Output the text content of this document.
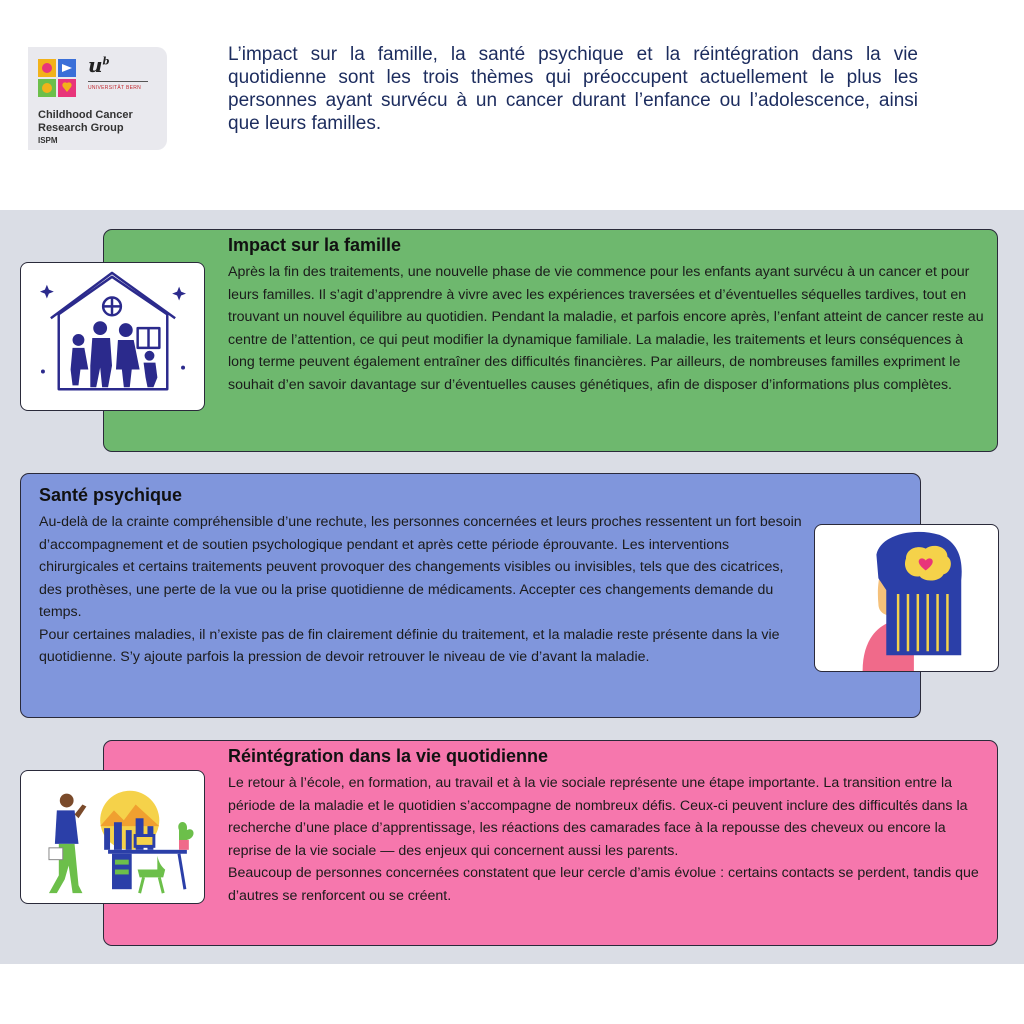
$u^b$
UNIVERSITÄT BERN
Childhood Cancer
Research Group
ISPM
L’impact sur la famille, la santé psychique et la réintégration dans la vie quotidienne sont les trois thèmes qui préoccupent actuellement le plus les personnes ayant survécu à un cancer durant l’enfance ou l’adolescence, ainsi que leurs familles.
Impact sur la famille

Après la fin des traitements, une nouvelle phase de vie commence pour les enfants ayant survécu à un cancer et pour leurs familles. Il s’agit d’apprendre à vivre avec les expériences traversées et d’éventuelles séquelles tardives, tout en trouvant un nouvel équilibre au quotidien. Pendant la maladie, et parfois encore après, l’enfant atteint de cancer reste au centre de l’attention, ce qui peut modifier la dynamique familiale. La maladie, les traitements et leurs conséquences à long terme peuvent également entraîner des difficultés financières. Par ailleurs, de nombreuses familles expriment le souhait d’en savoir davantage sur d’éventuelles causes génétiques, afin de disposer d’informations plus complètes.

Santé psychique

Au-delà de la crainte compréhensible d’une rechute, les personnes concernées et leurs proches ressentent un fort besoin d’accompagnement et de soutien psychologique pendant et après cette période éprouvante. Les interventions chirurgicales et certains traitements peuvent provoquer des changements visibles ou invisibles, tels que des cicatrices, des prothèses, une perte de la vue ou la prise quotidienne de médicaments. Accepter ces changements demande du temps.
Pour certaines maladies, il n’existe pas de fin clairement définie du traitement, et la maladie reste présente dans la vie quotidienne. S’y ajoute parfois la pression de devoir retrouver le niveau de vie d’avant la maladie.

Réintégration dans la vie quotidienne

Le retour à l’école, en formation, au travail et à la vie sociale représente une étape importante. La transition entre la période de la maladie et le quotidien s’accompagne de nombreux défis. Ceux-ci peuvent inclure des difficultés dans la recherche d’une place d’apprentissage, les réactions des camarades face à la repousse des cheveux ou encore la reprise de la vie sociale — des enjeux qui concernent aussi les parents.
Beaucoup de personnes concernées constatent que leur cercle d’amis évolue : certains contacts se perdent, tandis que d’autres se renforcent ou se créent.
